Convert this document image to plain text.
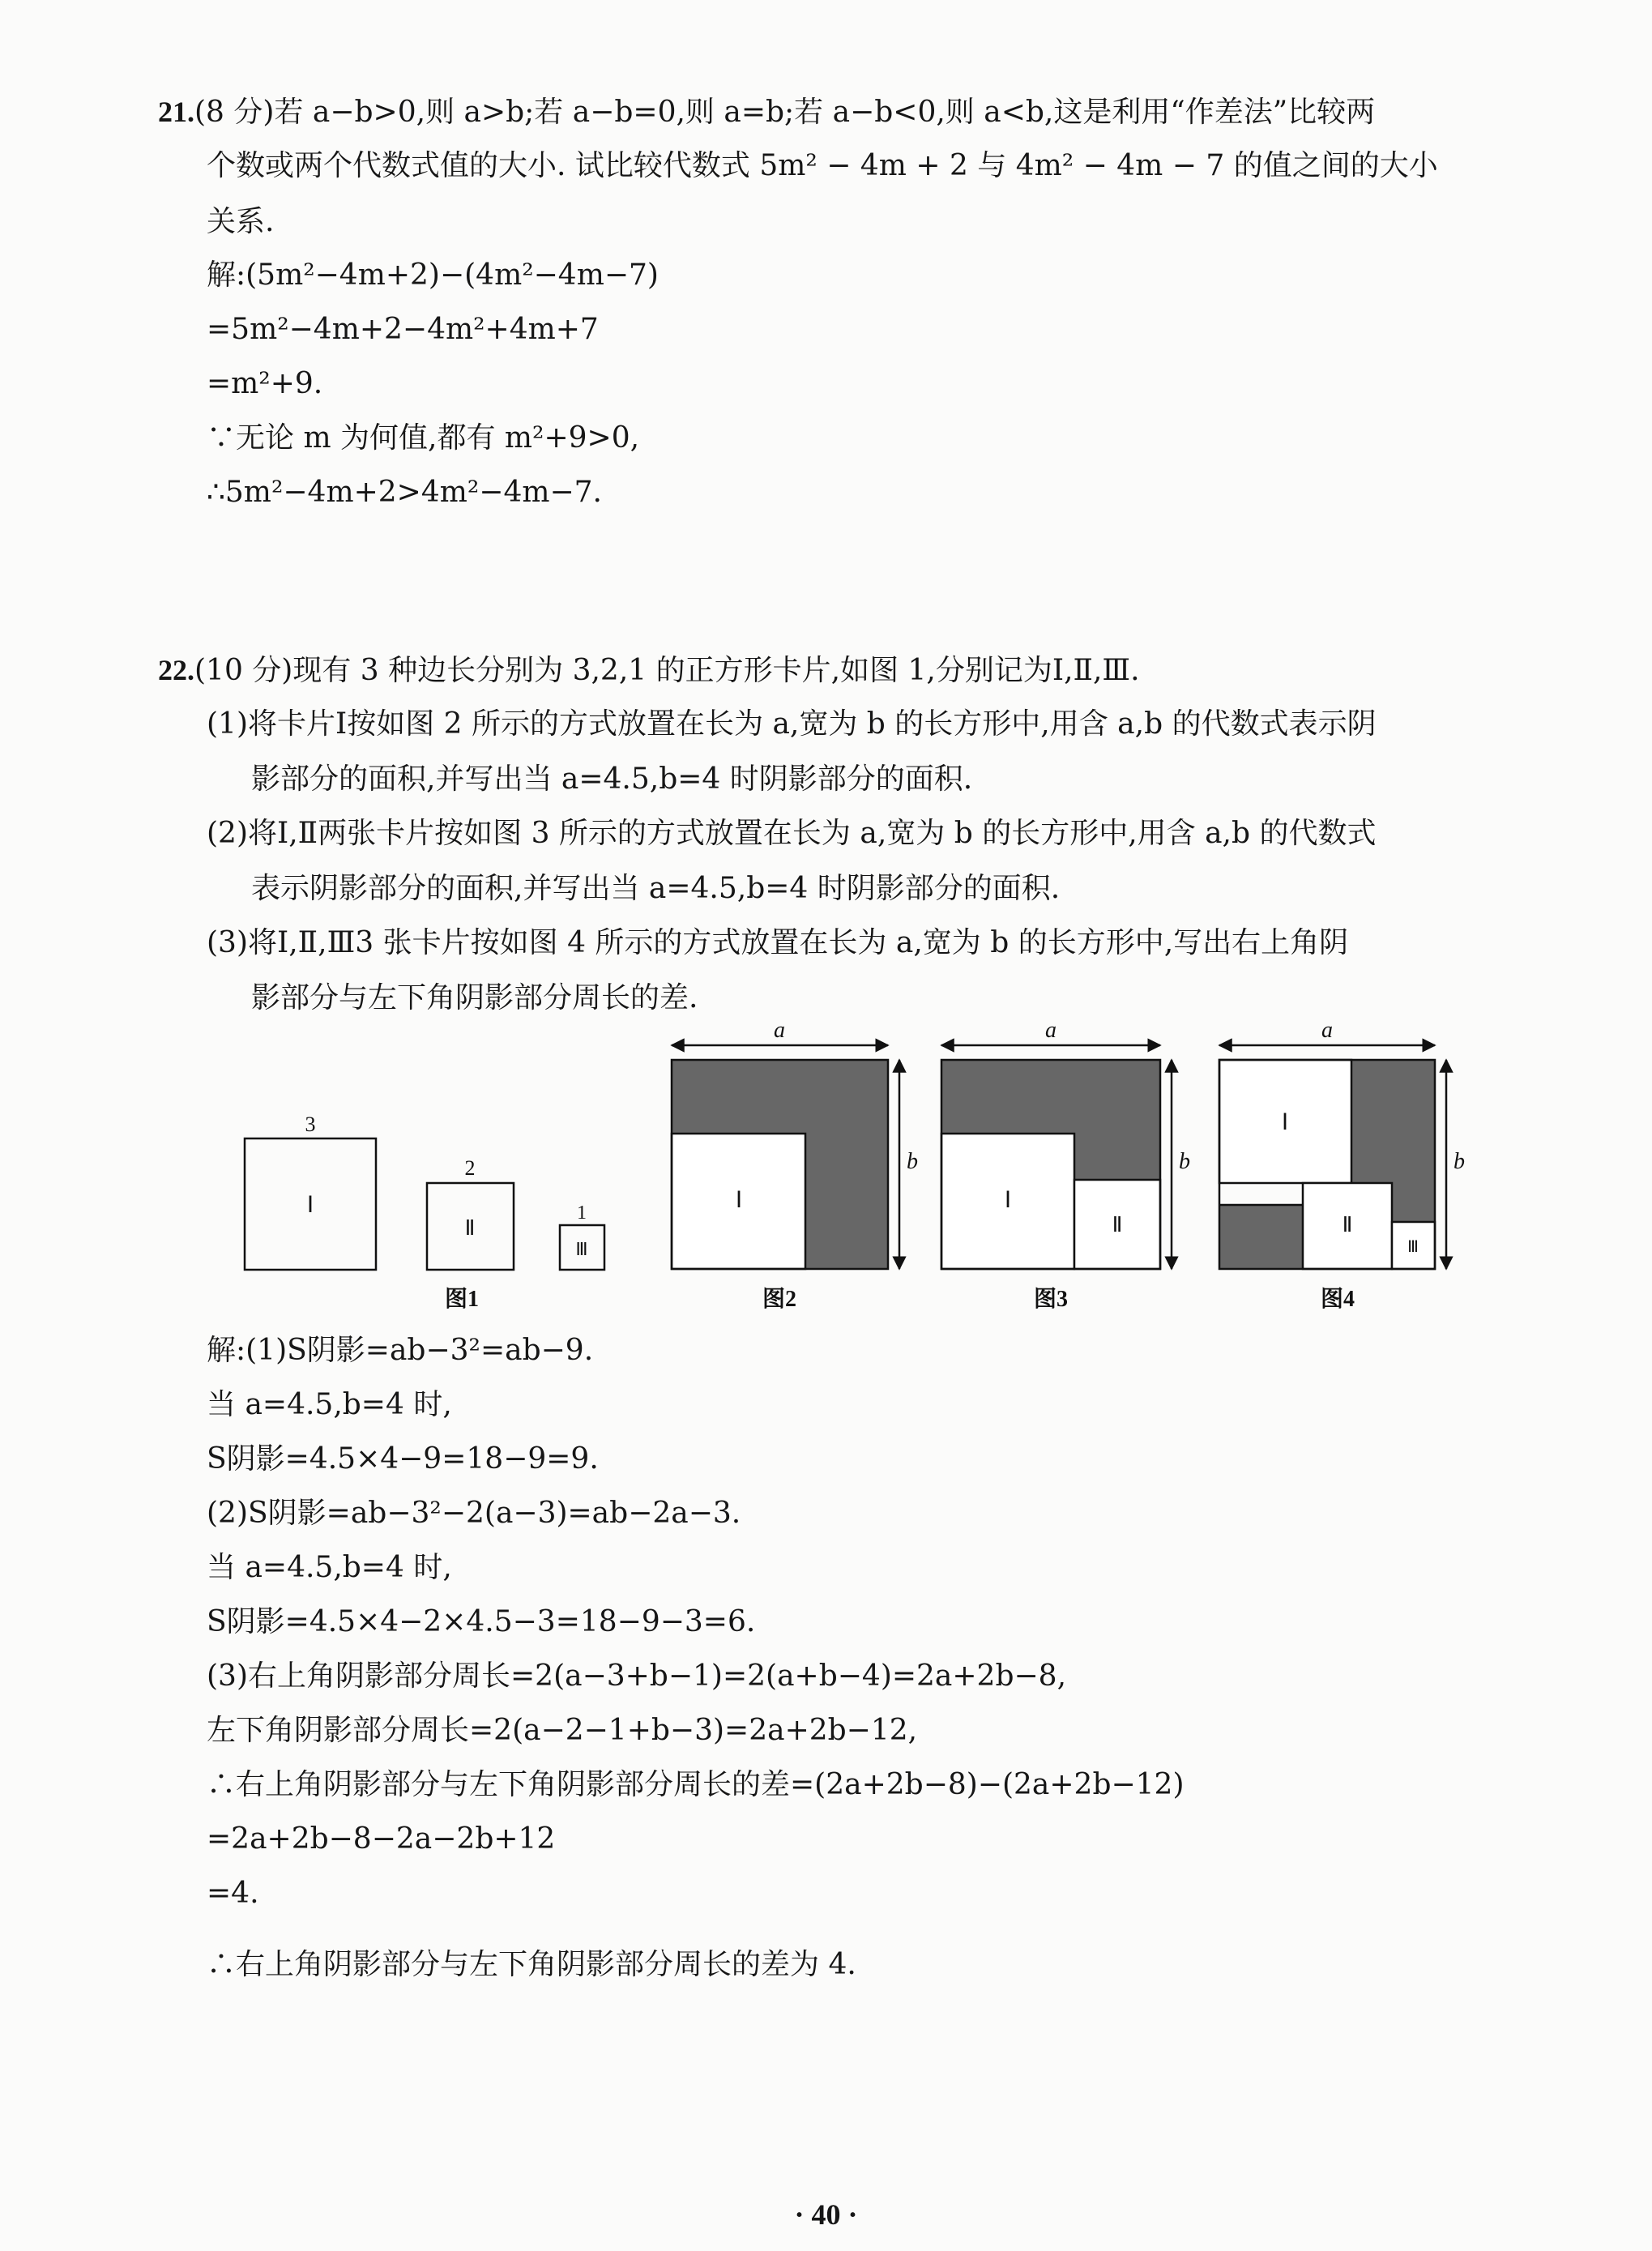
21.(8 分)若 a−b>0,则 a>b;若 a−b=0,则 a=b;若 a−b<0,则 a<b,这是利用“作差法”比较两
个数或两个代数式值的大小. 试比较代数式 5m² − 4m + 2 与 4m² − 4m − 7 的值之间的大小
关系.
解:(5m²−4m+2)−(4m²−4m−7)
=5m²−4m+2−4m²+4m+7
=m²+9.
∵无论 m 为何值,都有 m²+9>0,
∴5m²−4m+2>4m²−4m−7.
22.(10 分)现有 3 种边长分别为 3,2,1 的正方形卡片,如图 1,分别记为Ⅰ,Ⅱ,Ⅲ.
(1)将卡片Ⅰ按如图 2 所示的方式放置在长为 a,宽为 b 的长方形中,用含 a,b 的代数式表示阴
影部分的面积,并写出当 a=4.5,b=4 时阴影部分的面积.
(2)将Ⅰ,Ⅱ两张卡片按如图 3 所示的方式放置在长为 a,宽为 b 的长方形中,用含 a,b 的代数式
表示阴影部分的面积,并写出当 a=4.5,b=4 时阴影部分的面积.
(3)将Ⅰ,Ⅱ,Ⅲ3 张卡片按如图 4 所示的方式放置在长为 a,宽为 b 的长方形中,写出右上角阴
影部分与左下角阴影部分周长的差.
3
Ⅰ
2
Ⅱ
1
Ⅲ
图1
a
b
Ⅰ
图2
a
b
Ⅰ
Ⅱ
图3
a
b
Ⅰ
Ⅱ
Ⅲ
图4
解:(1)S阴影=ab−3²=ab−9.
当 a=4.5,b=4 时,
S阴影=4.5×4−9=18−9=9.
(2)S阴影=ab−3²−2(a−3)=ab−2a−3.
当 a=4.5,b=4 时,
S阴影=4.5×4−2×4.5−3=18−9−3=6.
(3)右上角阴影部分周长=2(a−3+b−1)=2(a+b−4)=2a+2b−8,
左下角阴影部分周长=2(a−2−1+b−3)=2a+2b−12,
∴右上角阴影部分与左下角阴影部分周长的差=(2a+2b−8)−(2a+2b−12)
=2a+2b−8−2a−2b+12
=4.
∴右上角阴影部分与左下角阴影部分周长的差为 4.
· 40 ·
